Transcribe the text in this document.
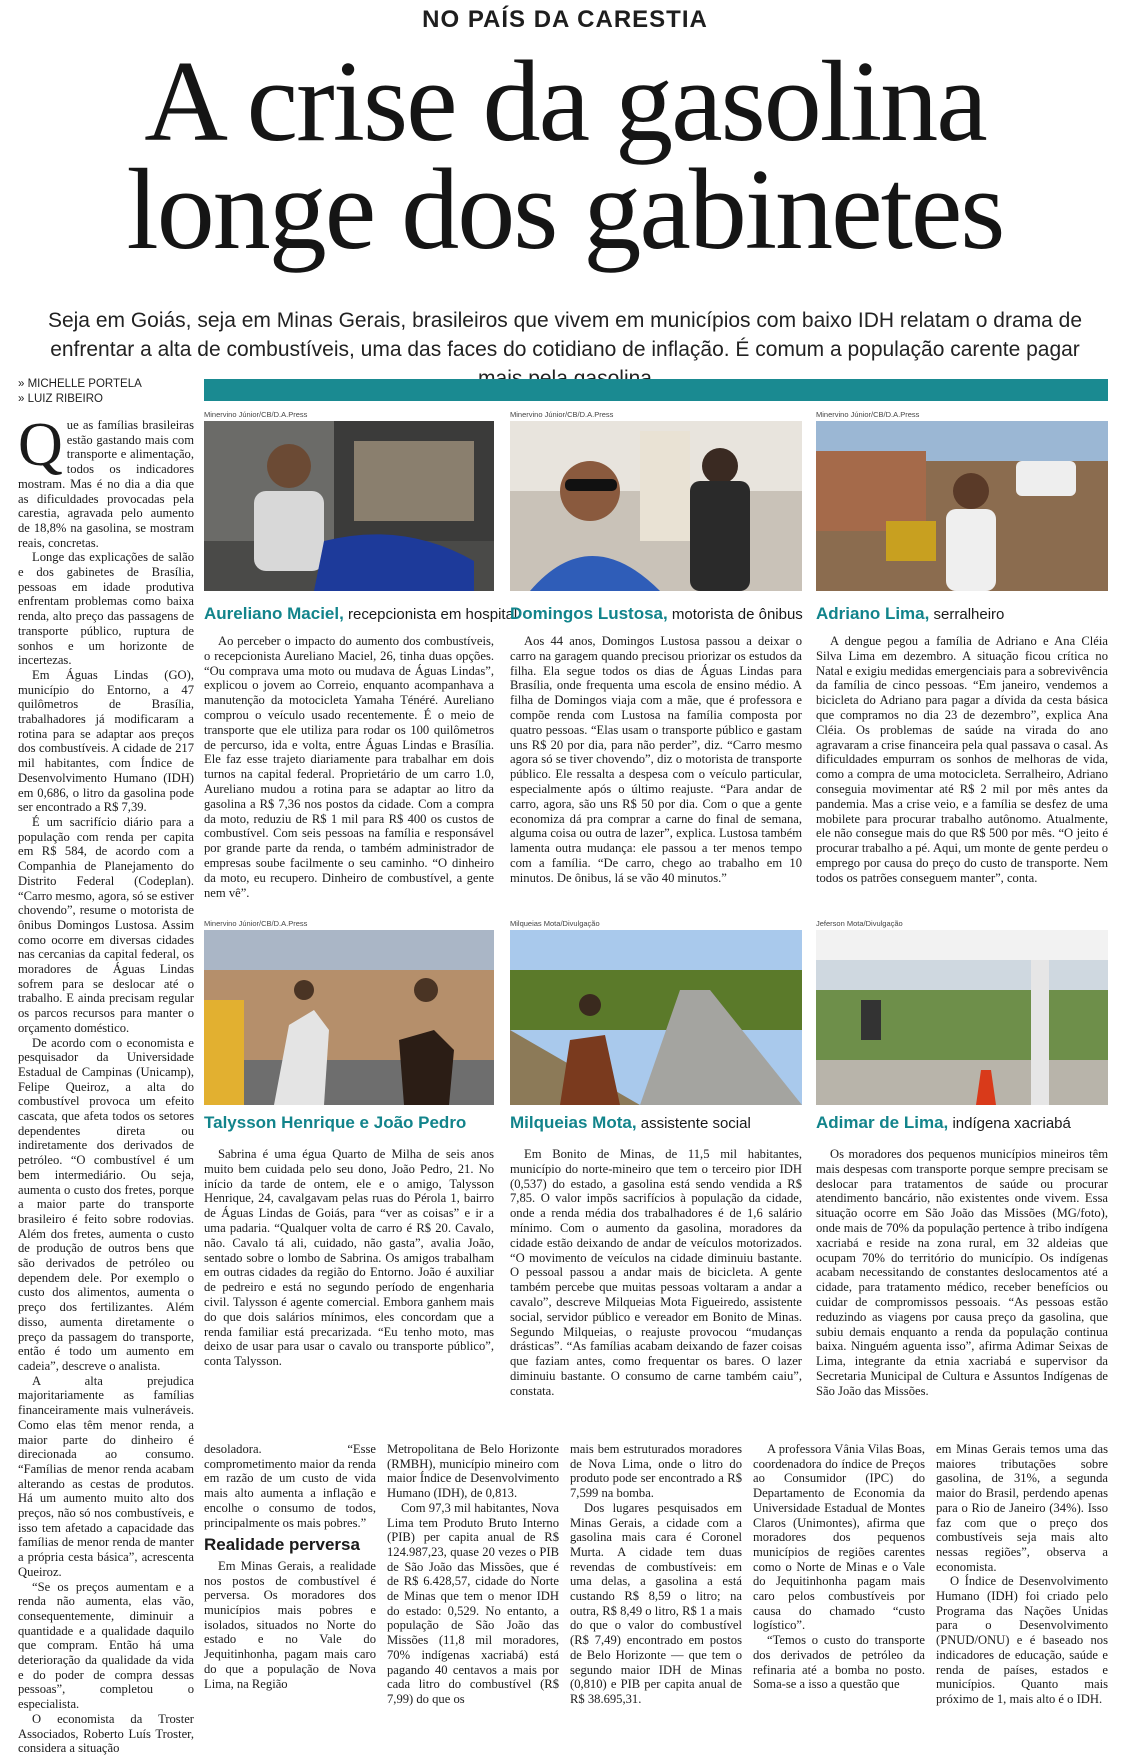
NO PAÍS DA CARESTIA
A crise da gasolina
longe dos gabinetes
Seja em Goiás, seja em Minas Gerais, brasileiros que vivem em municípios com baixo IDH relatam o drama de enfrentar a alta de combustíveis, uma das faces do cotidiano de inflação. É comum a população carente pagar
» MICHELLE PORTELA
» LUIZ RIBEIRO

Que as famílias brasileiras estão gastando mais com transporte e alimentação, todos os indicadores mostram. Mas é no dia a dia que as dificuldades provocadas pela carestia, agravada pelo aumento de 18,8% na gasolina, se mostram reais, concretas.

Longe das explicações de salão e dos gabinetes de Brasília, pessoas em idade produtiva enfrentam problemas como baixa renda, alto preço das passagens de transporte público, ruptura de sonhos e um horizonte de incertezas.

Em Águas Lindas (GO), município do Entorno, a 47 quilômetros de Brasília, trabalhadores já modificaram a rotina para se adaptar aos preços dos combustíveis. A cidade de 217 mil habitantes, com Índice de Desenvolvimento Humano (IDH) em 0,686, o litro da gasolina pode ser encontrado a R$ 7,39.

É um sacrifício diário para a população com renda per capita em R$ 584, de acordo com a Companhia de Planejamento do Distrito Federal (Codeplan). “Carro mesmo, agora, só se estiver chovendo”, resume o motorista de ônibus Domingos Lustosa. Assim como ocorre em diversas cidades nas cercanias da capital federal, os moradores de Águas Lindas sofrem para se deslocar até o trabalho. E ainda precisam regular os parcos recursos para manter o orçamento doméstico.

De acordo com o economista e pesquisador da Universidade Estadual de Campinas (Unicamp), Felipe Queiroz, a alta do combustível provoca um efeito cascata, que afeta todos os setores dependentes direta ou indiretamente dos derivados de petróleo. “O combustível é um bem intermediário. Ou seja, aumenta o custo dos fretes, porque a maior parte do transporte brasileiro é feito sobre rodovias. Além dos fretes, aumenta o custo de produção de outros bens que são derivados de petróleo ou dependem dele. Por exemplo o custo dos alimentos, aumenta o preço dos fertilizantes. Além disso, aumenta diretamente o preço da passagem do transporte, então é todo um aumento em cadeia”, descreve o analista.

A alta prejudica majoritariamente as famílias financeiramente mais vulneráveis. Como elas têm menor renda, a maior parte do dinheiro é direcionada ao consumo. “Famílias de menor renda acabam alterando as cestas de produtos. Há um aumento muito alto dos preços, não só nos combustíveis, e isso tem afetado a capacidade das famílias de menor renda de manter a própria cesta básica”, acrescenta Queiroz.

“Se os preços aumentam e a renda não aumenta, elas vão, consequentemente, diminuir a quantidade e a qualidade daquilo que compram. Então há uma deterioração da qualidade da vida e do poder de compra dessas pessoas”, completou o especialista.

O economista da Troster Associados, Roberto Luís Troster, considera a situação

Minervino Júnior/CB/D.A.Press
Aureliano Maciel, recepcionista em hospital

Ao perceber o impacto do aumento dos combustíveis, o recepcionista Aureliano Maciel, 26, tinha duas opções. “Ou comprava uma moto ou mudava de Águas Lindas”, explicou o jovem ao Correio, enquanto acompanhava a manutenção da motocicleta Yamaha Ténéré. Aureliano comprou o veículo usado recentemente. É o meio de transporte que ele utiliza para rodar os 100 quilômetros de percurso, ida e volta, entre Águas Lindas e Brasília. Ele faz esse trajeto diariamente para trabalhar em dois turnos na capital federal. Proprietário de um carro 1.0, Aureliano mudou a rotina para se adaptar ao litro da gasolina a R$ 7,36 nos postos da cidade. Com a compra da moto, reduziu de R$ 1 mil para R$ 400 os custos de combustível. Com seis pessoas na família e responsável por grande parte da renda, o também administrador de empresas soube facilmente o seu caminho. “O dinheiro da moto, eu recupero. Dinheiro de combustível, a gente nem vê”.

Minervino Júnior/CB/D.A.Press
Domingos Lustosa, motorista de ônibus

Aos 44 anos, Domingos Lustosa passou a deixar o carro na garagem quando precisou priorizar os estudos da filha. Ela segue todos os dias de Águas Lindas para Brasília, onde frequenta uma escola de ensino médio. A filha de Domingos viaja com a mãe, que é professora e compõe renda com Lustosa na família composta por quatro pessoas. “Elas usam o transporte público e gastam uns R$ 20 por dia, para não perder”, diz. “Carro mesmo agora só se tiver chovendo”, diz o motorista de transporte público. Ele ressalta a despesa com o veículo particular, especialmente após o último reajuste. “Para andar de carro, agora, são uns R$ 50 por dia. Com o que a gente economiza dá pra comprar a carne do final de semana, alguma coisa ou outra de lazer”, explica. Lustosa também lamenta outra mudança: ele passou a ter menos tempo com a família. “De carro, chego ao trabalho em 10 minutos. De ônibus, lá se vão 40 minutos.”

Minervino Júnior/CB/D.A.Press
Adriano Lima, serralheiro

A dengue pegou a família de Adriano e Ana Cléia Silva Lima em dezembro. A situação ficou crítica no Natal e exigiu medidas emergenciais para a sobrevivência da família de cinco pessoas. “Em janeiro, vendemos a bicicleta do Adriano para pagar a dívida da cesta básica que compramos no dia 23 de dezembro”, explica Ana Cléia. Os problemas de saúde na virada do ano agravaram a crise financeira pela qual passava o casal. As dificuldades empurram os sonhos de melhoras de vida, como a compra de uma motocicleta. Serralheiro, Adriano conseguia movimentar até R$ 2 mil por mês antes da pandemia. Mas a crise veio, e a família se desfez de uma mobilete para procurar trabalho autônomo. Atualmente, ele não consegue mais do que R$ 500 por mês. “O jeito é procurar trabalho a pé. Aqui, um monte de gente perdeu o emprego por causa do preço do custo de transporte. Nem todos os patrões conseguem manter”, conta.

Minervino Júnior/CB/D.A.Press
Talysson Henrique e João Pedro

Sabrina é uma égua Quarto de Milha de seis anos muito bem cuidada pelo seu dono, João Pedro, 21. No início da tarde de ontem, ele e o amigo, Talysson Henrique, 24, cavalgavam pelas ruas do Pérola 1, bairro de Águas Lindas de Goiás, para “ver as coisas” e ir a uma padaria. “Qualquer volta de carro é R$ 20. Cavalo, não. Cavalo tá ali, cuidado, não gasta”, avalia João, sentado sobre o lombo de Sabrina. Os amigos trabalham em outras cidades da região do Entorno. João é auxiliar de pedreiro e está no segundo período de engenharia civil. Talysson é agente comercial. Embora ganhem mais do que dois salários mínimos, eles concordam que a renda familiar está precarizada. “Eu tenho moto, mas deixo de usar para usar o cavalo ou transporte público”, conta Talysson.

Milqueias Mota/Divulgação
Milqueias Mota, assistente social

Em Bonito de Minas, de 11,5 mil habitantes, município do norte-mineiro que tem o terceiro pior IDH (0,537) do estado, a gasolina está sendo vendida a R$ 7,85. O valor impõs sacrifícios à população da cidade, onde a renda média dos trabalhadores é de 1,6 salário mínimo. Com o aumento da gasolina, moradores da cidade estão deixando de andar de veículos motorizados. “O movimento de veículos na cidade diminuiu bastante. O pessoal passou a andar mais de bicicleta. A gente também percebe que muitas pessoas voltaram a andar a cavalo”, descreve Milqueias Mota Figueiredo, assistente social, servidor público e vereador em Bonito de Minas. Segundo Milqueias, o reajuste provocou “mudanças drásticas”. “As famílias acabam deixando de fazer coisas que faziam antes, como frequentar os bares. O lazer diminuiu bastante. O consumo de carne também caiu”, constata.

Jeferson Mota/Divulgação
Adimar de Lima, indígena xacriabá

Os moradores dos pequenos municípios mineiros têm mais despesas com transporte porque sempre precisam se deslocar para tratamentos de saúde ou procurar atendimento bancário, não existentes onde vivem. Essa situação ocorre em São João das Missões (MG/foto), onde mais de 70% da população pertence à tribo indígena xacriabá e reside na zona rural, em 32 aldeias que ocupam 70% do território do município. Os indígenas acabam necessitando de constantes deslocamentos até a cidade, para tratamento médico, receber benefícios ou cuidar de compromissos pessoais. “As pessoas estão reduzindo as viagens por causa preço da gasolina, que subiu demais enquanto a renda da população continua baixa. Ninguém aguenta isso”, afirma Adimar Seixas de Lima, integrante da etnia xacriabá e supervisor da Secretaria Municipal de Cultura e Assuntos Indígenas de São João das Missões.

desoladora. “Esse comprometimento maior da renda em razão de um custo de vida mais alto aumenta a inflação e encolhe o consumo de todos, principalmente os mais pobres.”

Realidade perversa

Em Minas Gerais, a realidade nos postos de combustível é perversa. Os moradores dos municípios mais pobres e isolados, situados no Norte do estado e no Vale do Jequitinhonha, pagam mais caro do que a população de Nova Lima, na Região

Metropolitana de Belo Horizonte (RMBH), município mineiro com maior Índice de Desenvolvimento Humano (IDH), de 0,813.

Com 97,3 mil habitantes, Nova Lima tem Produto Bruto Interno (PIB) per capita anual de R$ 124.987,23, quase 20 vezes o PIB de São João das Missões, que é de R$ 6.428,57, cidade do Norte de Minas que tem o menor IDH do estado: 0,529. No entanto, a população de São João das Missões (11,8 mil moradores, 70% indígenas xacriabá) está pagando 40 centavos a mais por cada litro do combustível (R$ 7,99) do que os

mais bem estruturados moradores de Nova Lima, onde o litro do produto pode ser encontrado a R$ 7,599 na bomba.

Dos lugares pesquisados em Minas Gerais, a cidade com a gasolina mais cara é Coronel Murta. A cidade tem duas revendas de combustíveis: em uma delas, a gasolina a está custando R$ 8,59 o litro; na outra, R$ 8,49 o litro, R$ 1 a mais do que o valor do combustível (R$ 7,49) encontrado em postos de Belo Horizonte — que tem o segundo maior IDH de Minas (0,810) e PIB per capita anual de R$ 38.695,31.

A professora Vânia Vilas Boas, coordenadora do índice de Preços ao Consumidor (IPC) do Departamento de Economia da Universidade Estadual de Montes Claros (Unimontes), afirma que moradores dos pequenos municípios de regiões carentes como o Norte de Minas e o Vale do Jequitinhonha pagam mais caro pelos combustíveis por causa do chamado “custo logístico”.

“Temos o custo do transporte dos derivados de petróleo da refinaria até a bomba no posto. Soma-se a isso a questão que

em Minas Gerais temos uma das maiores tributações sobre gasolina, de 31%, a segunda maior do Brasil, perdendo apenas para o Rio de Janeiro (34%). Isso faz com que o preço dos combustíveis seja mais alto nessas regiões”, observa a economista.

O Índice de Desenvolvimento Humano (IDH) foi criado pelo Programa das Nações Unidas para o Desenvolvimento (PNUD/ONU) e é baseado nos indicadores de educação, saúde e renda de países, estados e municípios. Quanto mais próximo de 1, mais alto é o IDH.
